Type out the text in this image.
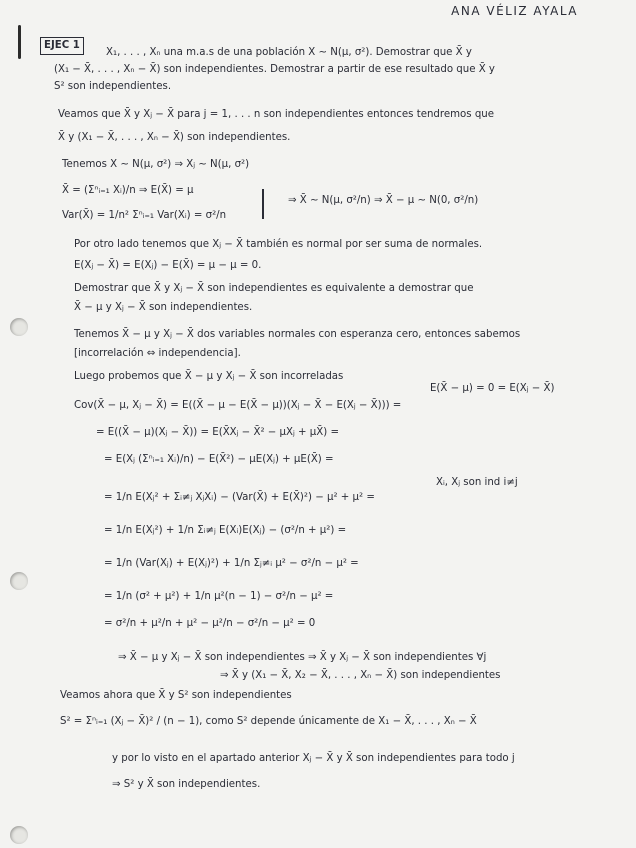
ANA VÉLIZ AYALA
EJEC 1
X₁, . . . , Xₙ una m.a.s de una población X ∼ N(μ, σ²). Demostrar que X̄ y
(X₁ − X̄, . . . , Xₙ − X̄) son independientes. Demostrar a partir de ese resultado que X̄ y
S² son independientes.
Veamos que X̄ y Xⱼ − X̄ para j = 1, . . . n son independientes entonces tendremos que
X̄ y (X₁ − X̄, . . . , Xₙ − X̄) son independientes.
Tenemos X ∼ N(μ, σ²) ⇒ Xⱼ ∼ N(μ, σ²)
X̄ = (Σⁿᵢ₌₁ Xᵢ)/n ⇒ E(X̄) = μ
⇒ X̄ ∼ N(μ, σ²/n) ⇒ X̄ − μ ∼ N(0, σ²/n)
Var(X̄) = 1/n² Σⁿᵢ₌₁ Var(Xᵢ) = σ²/n
Por otro lado tenemos que Xⱼ − X̄ también es normal por ser suma de normales.
E(Xⱼ − X̄) = E(Xⱼ) − E(X̄) = μ − μ = 0.
Demostrar que X̄ y Xⱼ − X̄ son independientes es equivalente a demostrar que
X̄ − μ y Xⱼ − X̄ son independientes.
Tenemos X̄ − μ y Xⱼ − X̄ dos variables normales con esperanza cero, entonces sabemos
[incorrelación ⇔ independencia].
Luego probemos que X̄ − μ y Xⱼ − X̄ son incorreladas
E(X̄ − μ) = 0 = E(Xⱼ − X̄)
Cov(X̄ − μ, Xⱼ − X̄) = E((X̄ − μ − E(X̄ − μ))(Xⱼ − X̄ − E(Xⱼ − X̄))) =
= E((X̄ − μ)(Xⱼ − X̄)) = E(X̄Xⱼ − X̄² − μXⱼ + μX̄) =
= E(Xⱼ (Σⁿᵢ₌₁ Xᵢ)/n) − E(X̄²) − μE(Xⱼ) + μE(X̄) =
Xᵢ, Xⱼ son ind i≠j
= 1/n E(Xⱼ² + Σᵢ≠ⱼ XⱼXᵢ) − (Var(X̄) + E(X̄)²) − μ² + μ² =
= 1/n E(Xⱼ²) + 1/n Σᵢ≠ⱼ E(Xᵢ)E(Xⱼ) − (σ²/n + μ²) =
= 1/n (Var(Xⱼ) + E(Xⱼ)²) + 1/n Σⱼ≠ᵢ μ² − σ²/n − μ² =
= 1/n (σ² + μ²) + 1/n μ²(n − 1) − σ²/n − μ² =
= σ²/n + μ²/n + μ² − μ²/n − σ²/n − μ² = 0
⇒ X̄ − μ y Xⱼ − X̄ son independientes ⇒ X̄ y Xⱼ − X̄ son independientes ∀j
⇒ X̄ y (X₁ − X̄, X₂ − X̄, . . . , Xₙ − X̄) son independientes
Veamos ahora que X̄ y S² son independientes
S² = Σⁿᵢ₌₁ (Xⱼ − X̄)² / (n − 1), como S² depende únicamente de X₁ − X̄, . . . , Xₙ − X̄
y por lo visto en el apartado anterior Xⱼ − X̄ y X̄ son independientes para todo j
⇒ S² y X̄ son independientes.
